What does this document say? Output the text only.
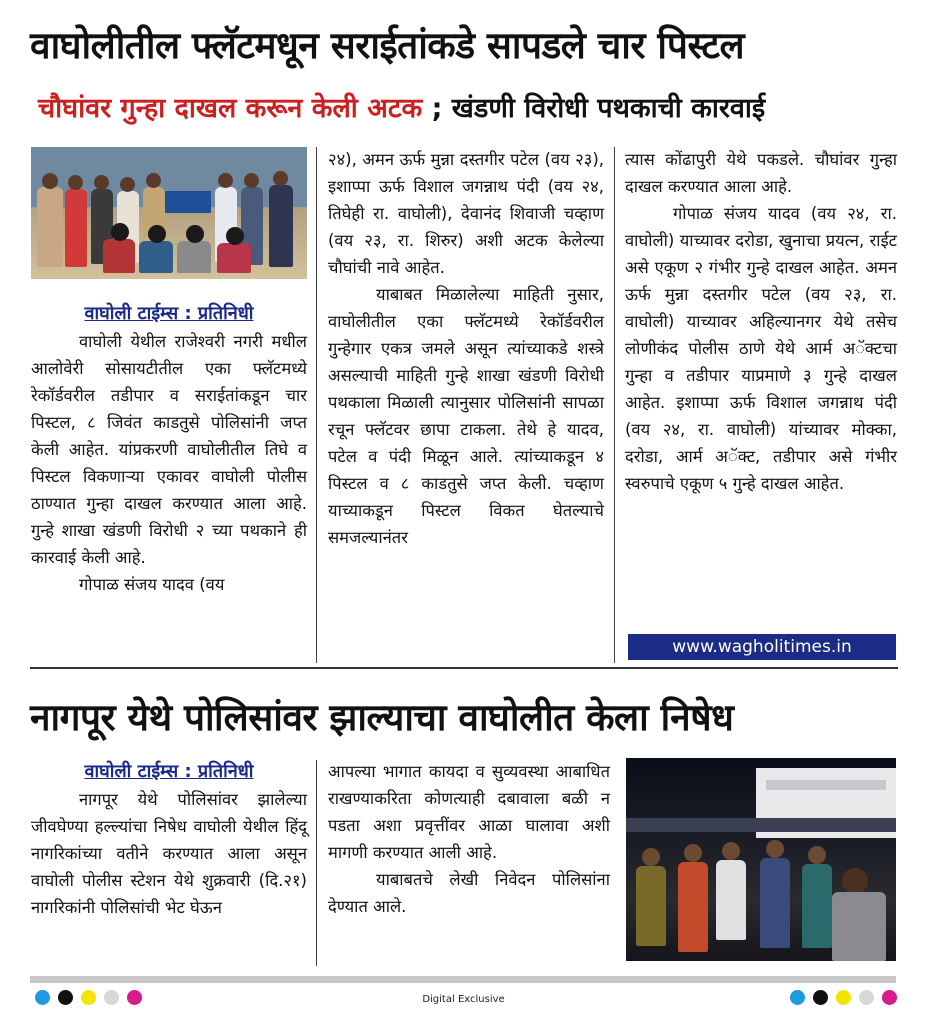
वाघोलीतील फ्लॅटमधून सराईतांकडे सापडले चार पिस्टल
चौघांवर गुन्हा दाखल करून केली अटक ; खंडणी विरोधी पथकाची कारवाई
वाघोली टाईम्स : प्रतिनिधी

वाघोली येथील राजेश्वरी नगरी मधील आलोवेरी सोसायटीतील एका फ्लॅटमध्ये रेकॉर्डवरील तडीपार व सराईतांकडून चार पिस्टल, ८ जिवंत काडतुसे पोलिसांनी जप्त केली आहेत. यांप्रकरणी वाघोलीतील तिघे व पिस्टल विकणाऱ्या एकावर वाघोली पोलीस ठाण्यात गुन्हा दाखल करण्यात आला आहे. गुन्हे शाखा खंडणी विरोधी २ च्या पथकाने ही कारवाई केली आहे.

गोपाळ संजय यादव (वय

२४), अमन ऊर्फ मुन्ना दस्तगीर पटेल (वय २३), इशाप्पा ऊर्फ विशाल जगन्नाथ पंदी (वय २४, तिघेही रा. वाघोली), देवानंद शिवाजी चव्हाण (वय २३, रा. शिरुर) अशी अटक केलेल्या चौघांची नावे आहेत.

याबाबत मिळालेल्या माहिती नुसार, वाघोलीतील एका फ्लॅटमध्ये रेकॉर्डवरील गुन्हेगार एकत्र जमले असून त्यांच्याकडे शस्त्रे असल्याची माहिती गुन्हे शाखा खंडणी विरोधी पथकाला मिळाली त्यानुसार पोलिसांनी सापळा रचून फ्लॅटवर छापा टाकला. तेथे हे यादव, पटेल व पंदी मिळून आले. त्यांच्याकडून ४ पिस्टल व ८ काडतुसे जप्त केली. चव्हाण याच्याकडून पिस्टल विकत घेतल्याचे समजल्यानंतर

त्यास कोंढापुरी येथे पकडले. चौघांवर गुन्हा दाखल करण्यात आला आहे.

गोपाळ संजय यादव (वय २४, रा. वाघोली) याच्यावर दरोडा, खुनाचा प्रयत्न, राईट असे एकूण २ गंभीर गुन्हे दाखल आहेत. अमन ऊर्फ मुन्ना दस्तगीर पटेल (वय २३, रा. वाघोली) याच्यावर अहिल्यानगर येथे तसेच लोणीकंद पोलीस ठाणे येथे आर्म अॅक्टचा गुन्हा व तडीपार याप्रमाणे ३ गुन्हे दाखल आहेत. इशाप्पा ऊर्फ विशाल जगन्नाथ पंदी (वय २४, रा. वाघोली) यांच्यावर मोक्का, दरोडा, आर्म अॅक्ट, तडीपार असे गंभीर स्वरुपाचे एकूण ५ गुन्हे दाखल आहेत.

www.wagholitimes.in
नागपूर येथे पोलिसांवर झाल्याचा वाघोलीत केला निषेध
वाघोली टाईम्स : प्रतिनिधी

नागपूर येथे पोलिसांवर झालेल्या जीवघेण्या हल्ल्यांचा निषेध वाघोली येथील हिंदू नागरिकांच्या वतीने करण्यात आला असून वाघोली पोलीस स्टेशन येथे शुक्रवारी (दि.२१) नागरिकांनी पोलिसांची भेट घेऊन

आपल्या भागात कायदा व सुव्यवस्था आबाधित राखण्याकरिता कोणत्याही दबावाला बळी न पडता अशा प्रवृत्तींवर आळा घालावा अशी मागणी करण्यात आली आहे.

याबाबतचे लेखी निवेदन पोलिसांना देण्यात आले.

Digital Exclusive
